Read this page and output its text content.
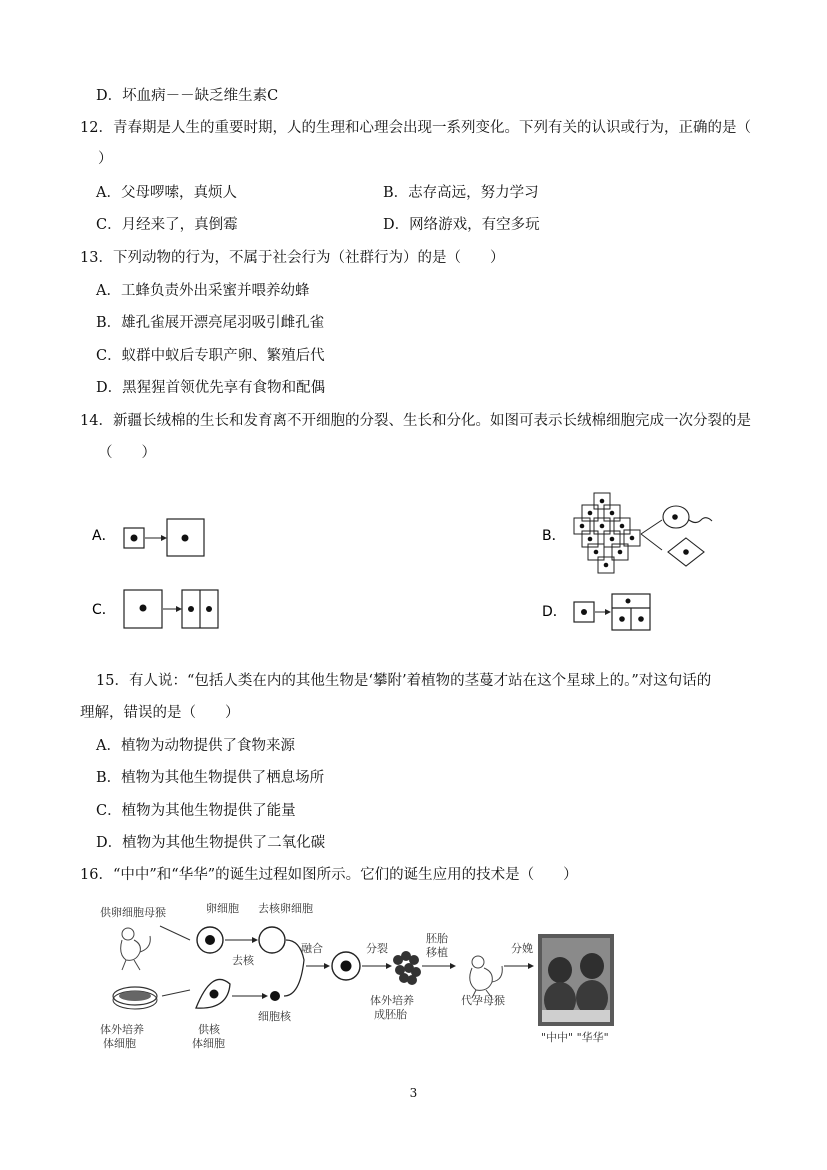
D．坏血病－－缺乏维生素C
12．青春期是人生的重要时期，人的生理和心理会出现一系列变化。下列有关的认识或行为，正确的是（
）
A．父母啰嗦，真烦人	B．志存高远，努力学习
C．月经来了，真倒霉	D．网络游戏，有空多玩
13．下列动物的行为，不属于社会行为（社群行为）的是（　　）
A．工蜂负责外出采蜜并喂养幼蜂
B．雄孔雀展开漂亮尾羽吸引雌孔雀
C．蚁群中蚁后专职产卵、繁殖后代
D．黑猩猩首领优先享有食物和配偶
14．新疆长绒棉的生长和发育离不开细胞的分裂、生长和分化。如图可表示长绒棉细胞完成一次分裂的是
（　　）
A．	B．
C．	D．
15．有人说：“包括人类在内的其他生物是‘攀附’着植物的茎蔓才站在这个星球上的。”对这句话的
理解，错误的是（　　）
A．植物为动物提供了食物来源
B．植物为其他生物提供了栖息场所
C．植物为其他生物提供了能量
D．植物为其他生物提供了二氧化碳
16．“中中”和“华华”的诞生过程如图所示。它们的诞生应用的技术是（　　）
供卵细胞母猴	卵细胞 去核卵细胞
去核
融合	分裂
胚胎
移植	分娩
体外培养
体细胞
供核
体细胞
细胞核
体外培养
成胚胎
代孕母猴
"中中" "华华"
3
